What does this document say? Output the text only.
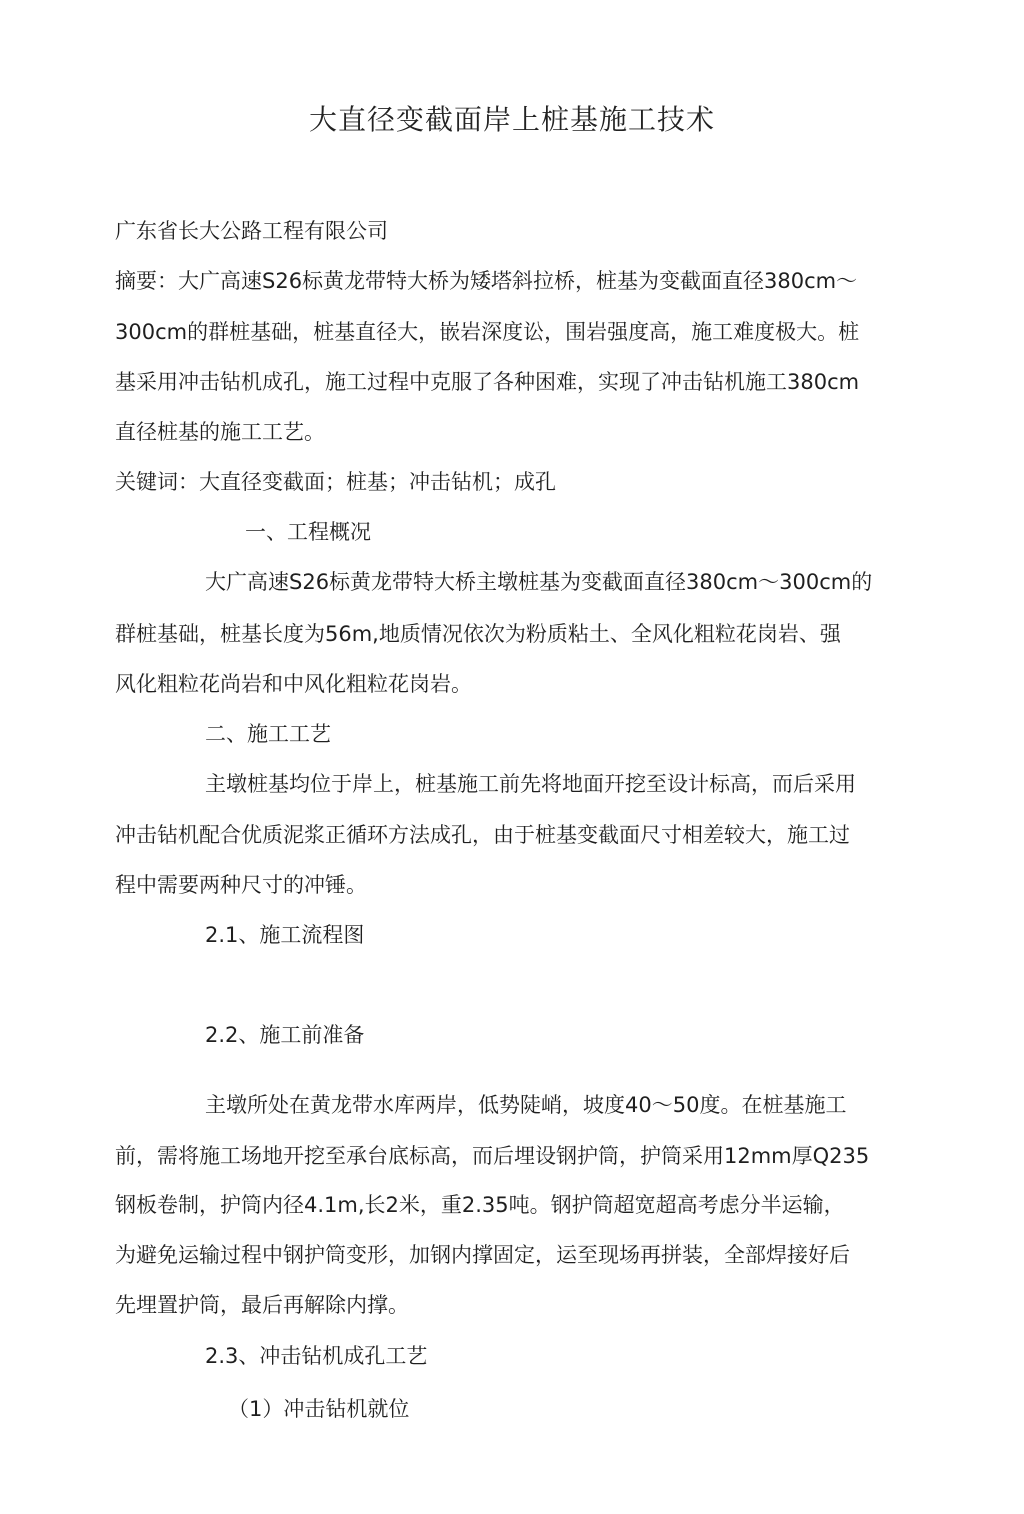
大直径变截面岸上桩基施工技术
广东省长大公路工程有限公司
摘要：大广高速S26标黄龙带特大桥为矮塔斜拉桥，桩基为变截面直径380cm～
300cm的群桩基础，桩基直径大，嵌岩深度讼，围岩强度高，施工难度极大。桩
基采用冲击钻机成孔，施工过程中克服了各种困难，实现了冲击钻机施工380cm
直径桩基的施工工艺。
关键词：大直径变截面；桩基；冲击钻机；成孔
一、工程概况
大广高速S26标黄龙带特大桥主墩桩基为变截面直径380cm～300cm的
群桩基础，桩基长度为56m,地质情况依次为粉质粘土、全风化粗粒花岗岩、强
风化粗粒花尚岩和中风化粗粒花岗岩。
二、施工工艺
主墩桩基均位于岸上，桩基施工前先将地面幵挖至设计标高，而后采用
冲击钻机配合优质泥浆正循环方法成孔，由于桩基变截面尺寸相差较大，施工过
程中需要两种尺寸的冲锤。
2.1、施工流程图
2.2、施工前准备
主墩所处在黄龙带水库两岸，低势陡峭，坡度40～50度。在桩基施工
前，需将施工场地开挖至承台底标高，而后埋设钢护筒，护筒采用12mm厚Q235
钢板卷制，护筒内径4.1m,长2米，重2.35吨。钢护筒超宽超高考虑分半运输，
为避免运输过程中钢护筒变形，加钢内撑固定，运至现场再拼装，全部焊接好后
先埋置护筒，最后再解除内撑。
2.3、冲击钻机成孔工艺
（1）冲击钻机就位
